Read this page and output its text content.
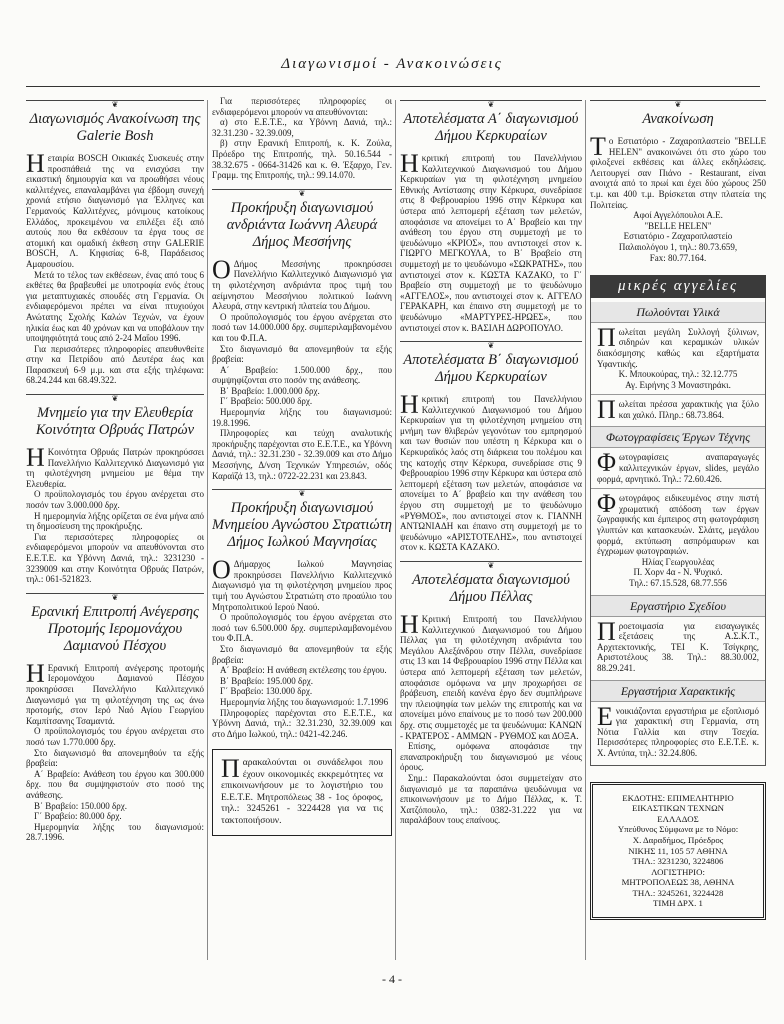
Διαγωνισμοί - Ανακοινώσεις
❦
Διαγωνισμός Ανακοίνωση της Galerie Bosh

Ηεταιρία BOSCH Οικιακές Συσκευές στην προσπάθειά της να ενισχύσει την εικαστική δημιουργία και να προωθήσει νέους καλλιτέχνες, επαναλαμβάνει για έβδομη συνεχή χρονιά ετήσιο διαγωνισμό για Έλληνες και Γερμανούς Καλλιτέχνες, μόνιμους κατοίκους Ελλάδος, προκειμένου να επιλέξει έξι από αυτούς που θα εκθέσουν τα έργα τους σε ατομική και ομαδική έκθεση στην GALERIE BOSCH, Λ. Κηφισίας 6-8, Παράδεισος Αμαρουσίου.

Μετά το τέλος των εκθέσεων, ένας από τους 6 εκθέτες θα βραβευθεί με υποτροφία ενός έτους για μεταπτυχιακές σπουδές στη Γερμανία. Οι ενδιαφερόμενοι πρέπει να είναι πτυχιούχοι Ανώτατης Σχολής Καλών Τεχνών, να έχουν ηλικία έως και 40 χρόνων και να υποβάλουν την υποψηφιότητά τους από 2-24 Μαΐου 1996.

Για περισσότερες πληροφορίες απευθυνθείτε στην κα Πετρίδου από Δευτέρα έως και Παρασκευή 6-9 μ.μ. και στα εξής τηλέφωνα: 68.24.244 και 68.49.322.

❦
Μνημείο για την Ελευθερία Κοινότητα Οβρυάς Πατρών

Η Κοινότητα Οβρυάς Πατρών προκηρύσσει Πανελλήνιο Καλλιτεχνικό Διαγωνισμό για τη φιλοτέχνηση μνημείου με θέμα την Ελευθερία.

Ο προϋπολογισμός του έργου ανέρχεται στο ποσόν των 3.000.000 δρχ.

Η ημερομηνία λήξης ορίζεται σε ένα μήνα από τη δημοσίευση της προκήρυξης.

Για περισσότερες πληροφορίες οι ενδιαφερόμενοι μπορούν να απευθύνονται στο Ε.Ε.Τ.Ε. κα Υβόννη Δανιά, τηλ.: 3231230 - 3239009 και στην Κοινότητα Οβρυάς Πατρών, τηλ.: 061-521823.

❦
Ερανική Επιτροπή Ανέγερσης Προτομής Ιερομονάχου Δαμιανού Πέσχου

Η Ερανική Επιτροπή ανέγερσης προτομής Ιερομονάχου Δαμιανού Πέσχου προκηρύσσει Πανελλήνιο Καλλιτεχνικό Διαγωνισμό για τη φιλοτέχνηση της ως άνω προτομής, στον Ιερό Ναό Αγίου Γεωργίου Καμπίτσανης Τσαμαντά.

Ο προϋπολογισμός του έργου ανέρχεται στο ποσό των 1.770.000 δρχ.

Στο διαγωνισμό θα απονεμηθούν τα εξής βραβεία:

Α΄ Βραβείο: Ανάθεση του έργου και 300.000 δρχ. που θα συμψηφιστούν στο ποσό της ανάθεσης.

Β΄ Βραβείο: 150.000 δρχ.

Γ΄ Βραβείο: 80.000 δρχ.

Ημερομηνία λήξης του διαγωνισμού: 28.7.1996.

Για περισσότερες πληροφορίες οι ενδιαφερόμενοι μπορούν να απευθύνονται:

α) στο Ε.Ε.Τ.Ε., κα Υβόννη Δανιά, τηλ.: 32.31.230 - 32.39.009,

β) στην Ερανική Επιτροπή, κ. Κ. Ζούλα, Πρόεδρο της Επιτροπής, τηλ. 50.16.544 - 38.32.675 - 0664-31426 και κ. Θ. Έξαρχο, Γεν. Γραμμ. της Επιτροπής, τηλ.: 99.14.070.

❦
Προκήρυξη διαγωνισμού ανδριάντα Ιωάννη Αλευρά Δήμος Μεσσήνης

Ο Δήμος Μεσσήνης προκηρύσσει Πανελλήνιο Καλλιτεχνικό Διαγωνισμό για τη φιλοτέχνηση ανδριάντα προς τιμή του αείμνηστου Μεσσήνιου πολιτικού Ιωάννη Αλευρά, στην κεντρική πλατεία του Δήμου.

Ο προϋπολογισμός του έργου ανέρχεται στο ποσό των 14.000.000 δρχ. συμπεριλαμβανομένου και του Φ.Π.Α.

Στο διαγωνισμό θα απονεμηθούν τα εξής βραβεία:

Α΄ Βραβείο: 1.500.000 δρχ., που συμψηφίζονται στο ποσόν της ανάθεσης.

Β΄ Βραβείο: 1.000.000 δρχ.

Γ΄ Βραβείο: 500.000 δρχ.

Ημερομηνία λήξης του διαγωνισμού: 19.8.1996.

Πληροφορίες και τεύχη αναλυτικής προκήρυξης παρέχονται στο Ε.Ε.Τ.Ε., κα Υβόννη Δανιά, τηλ.: 32.31.230 - 32.39.009 και στο Δήμο Μεσσήνης, Δ/νση Τεχνικών Υπηρεσιών, οδός Καραϊζά 13, τηλ.: 0722-22.231 και 23.843.

❦
Προκήρυξη διαγωνισμού Μνημείου Αγνώστου Στρατιώτη Δήμος Ιωλκού Μαγνησίας

Ο Δήμαρχος Ιωλκού Μαγνησίας προκηρύσσει Πανελλήνιο Καλλιτεχνικό Διαγωνισμό για τη φιλοτέχνηση μνημείου προς τιμή του Αγνώστου Στρατιώτη στο προαύλιο του Μητροπολιτικού Ιερού Ναού.

Ο προϋπολογισμός του έργου ανέρχεται στο ποσό των 6.500.000 δρχ. συμπεριλαμβανομένου του Φ.Π.Α.

Στο διαγωνισμό θα απονεμηθούν τα εξής βραβεία:

Α΄ Βραβείο: Η ανάθεση εκτέλεσης του έργου.

Β΄ Βραβείο: 195.000 δρχ.

Γ΄ Βραβείο: 130.000 δρχ.

Ημερομηνία λήξης του διαγωνισμού: 1.7.1996

Πληροφορίες παρέχονται στο Ε.Ε.Τ.Ε., κα Υβόννη Δανιά, τηλ.: 32.31.230, 32.39.009 και στο Δήμο Ιωλκού, τηλ.: 0421-42.246.

Παρακαλούνται οι συνάδελφοι που έχουν οικονομικές εκκρεμότητες να επικοινωνήσουν με το λογιστήριο του Ε.Ε.Τ.Ε. Μητροπόλεως 38 - 1ος όροφος, τηλ.: 3245261 - 3224428 για να τις τακτοποιήσουν.

❦
Αποτελέσματα Α΄ διαγωνισμού Δήμου Κερκυραίων

Ηκριτική επιτροπή του Πανελλήνιου Καλλιτεχνικού Διαγωνισμού του Δήμου Κερκυραίων για τη φιλοτέχνηση μνημείου Εθνικής Αντίστασης στην Κέρκυρα, συνεδρίασε στις 8 Φεβρουαρίου 1996 στην Κέρκυρα και ύστερα από λεπτομερή εξέταση των μελετών, αποφάσισε να απονείμει το Α΄ Βραβείο και την ανάθεση του έργου στη συμμετοχή με το ψευδώνυμο «ΚΡΙΟΣ», που αντιστοιχεί στον κ. ΓΙΩΡΓΟ ΜΕΓΚΟΥΛΑ, το Β΄ Βραβείο στη συμμετοχή με το ψευδώνυμο «ΣΩΚΡΑΤΗΣ», που αντιστοιχεί στον κ. ΚΩΣΤΑ ΚΑΖΑΚΟ, το Γ΄ Βραβείο στη συμμετοχή με το ψευδώνυμο «ΑΓΓΕΛΟΣ», που αντιστοιχεί στον κ. ΑΓΓΕΛΟ ΓΕΡΑΚΑΡΗ, και έπαινο στη συμμετοχή με το ψευδώνυμο «ΜΑΡΤΥΡΕΣ-ΗΡΩΕΣ», που αντιστοιχεί στον κ. ΒΑΣΙΛΗ ΔΩΡΟΠΟΥΛΟ.

❦
Αποτελέσματα Β΄ διαγωνισμού Δήμου Κερκυραίων

Ηκριτική επιτροπή του Πανελλήνιου Καλλιτεχνικού Διαγωνισμού του Δήμου Κερκυραίων για τη φιλοτέχνηση μνημείου στη μνήμη των θλιβερών γεγονότων του εμπρησμού και των θυσιών που υπέστη η Κέρκυρα και ο Κερκυραϊκός λαός στη διάρκεια του πολέμου και της κατοχής στην Κέρκυρα, συνεδρίασε στις 9 Φεβρουαρίου 1996 στην Κέρκυρα και ύστερα από λεπτομερή εξέταση των μελετών, αποφάσισε να απονείμει το Α΄ βραβείο και την ανάθεση του έργου στη συμμετοχή με το ψευδώνυμο «ΡΥΘΜΟΣ», που αντιστοιχεί στον κ. ΓΙΑΝΝΗ ΑΝΤΩΝΙΑΔΗ και έπαινο στη συμμετοχή με το ψευδώνυμο «ΑΡΙΣΤΟΤΕΛΗΣ», που αντιστοιχεί στον κ. ΚΩΣΤΑ ΚΑΖΑΚΟ.

❦
Αποτελέσματα διαγωνισμού Δήμου Πέλλας

Η Κριτική Επιτροπή του Πανελλήνιου Καλλιτεχνικού Διαγωνισμού του Δήμου Πέλλας για τη φιλοτέχνηση ανδριάντα του Μεγάλου Αλεξάνδρου στην Πέλλα, συνεδρίασε στις 13 και 14 Φεβρουαρίου 1996 στην Πέλλα και ύστερα από λεπτομερή εξέταση των μελετών, αποφάσισε ομόφωνα να μην προχωρήσει σε βράβευση, επειδή κανένα έργο δεν συμπλήρωνε την πλειοψηφία των μελών της επιτροπής και να απονείμει μόνο επαίνους με το ποσό των 200.000 δρχ. στις συμμετοχές με τα ψευδώνυμα: ΚΑΝΩΝ - ΚΡΑΤΕΡΟΣ - ΑΜΜΩΝ - ΡΥΘΜΟΣ και ΔΟΞΑ.

Επίσης, ομόφωνα αποφάσισε την επαναπροκήρυξη του διαγωνισμού με νέους όρους.

Σημ.: Παρακαλούνται όσοι συμμετείχαν στο διαγωνισμό με τα παραπάνω ψευδώνυμα να επικοινωνήσουν με το Δήμο Πέλλας, κ. Τ. Χατζόπουλο, τηλ.: 0382-31.222 για να παραλάβουν τους επαίνους.

❦
Ανακοίνωση

Το Εστιατόριο - Ζαχαροπλαστείο "BELLE HELEN" ανακοινώνει ότι στο χώρο του φιλοξενεί εκθέσεις και άλλες εκδηλώσεις. Λειτουργεί σαν Πιάνο - Restaurant, είναι ανοιχτά από το πρωί και έχει δύο χώρους 250 τ.μ. και 400 τ.μ. Βρίσκεται στην πλατεία της Πολιτείας.

Αφοί Αγγελόπουλοι Α.Ε.

"BELLE HELEN"

Εστιατόριο - Ζαχαροπλαστείο

Παλαιολόγου 1, τηλ.: 80.73.659,

Fax: 80.77.164.

μικρές αγγελίες
Πωλούνται Υλικά

Πωλείται μεγάλη Συλλογή ξύλινων, σιδηρών και κεραμικών υλικών διακόσμησης καθώς και εξαρτήματα Υφαντικής.

Κ. Μπουκούρας, τηλ.: 32.12.775

Αγ. Ειρήνης 3 Μοναστηράκι.

Πωλείται πρέσσα χαρακτικής για ξύλο και χαλκό. Πληρ.: 68.73.864.

Φωτογραφίσεις Έργων Τέχνης

Φωτογραφίσεις αναπαραγωγές καλλιτεχνικών έργων, slides, μεγάλο φορμά, αρνητικό. Τηλ.: 72.60.426.

Φωτογράφος ειδικευμένος στην πιστή χρωματική απόδοση των έργων ζωγραφικής και έμπειρος στη φωτογράφιση γλυπτών και κατασκευών. Σλάιτς, μεγάλου φορμά, εκτύπωση ασπρόμαυρων και έγχρωμων φωτογραφιών.

Ηλίας Γεωργουλέας

Π. Χορν 4α - Ν. Ψυχικό.

Τηλ.: 67.15.528, 68.77.556

Εργαστήριο Σχεδίου

Προετοιμασία για εισαγωγικές εξετάσεις της Α.Σ.Κ.Τ., Αρχιτεκτονικής, TEI Κ. Τσίγκρης, Αριστοτέλους 38. Τηλ.: 88.30.002, 88.29.241.

Εργαστήρια Χαρακτικής

Ενοικιάζονται εργαστήρια με εξοπλισμό για χαρακτική στη Γερμανία, στη Νότια Γαλλία και στην Τσεχία. Περισσότερες πληροφορίες στο Ε.Ε.Τ.Ε. κ. Χ. Αντύπα, τηλ.: 32.24.806.

ΕΚΔΟΤΗΣ: ΕΠΙΜΕΛΗΤΗΡΙΟ
ΕΙΚΑΣΤΙΚΩΝ ΤΕΧΝΩΝ
ΕΛΛΑΔΟΣ
Υπεύθυνος Σύμφωνα με το Νόμο:
Χ. Δαραδήμος, Πρόεδρος
ΝΙΚΗΣ 11, 105 57 ΑΘΗΝΑ
ΤΗΛ.: 3231230, 3224806
ΛΟΓΙΣΤΗΡΙΟ:
ΜΗΤΡΟΠΟΛΕΩΣ 38, ΑΘΗΝΑ
ΤΗΛ.: 3245261, 3224428
ΤΙΜΗ ΔΡΧ. 1
- 4 -
